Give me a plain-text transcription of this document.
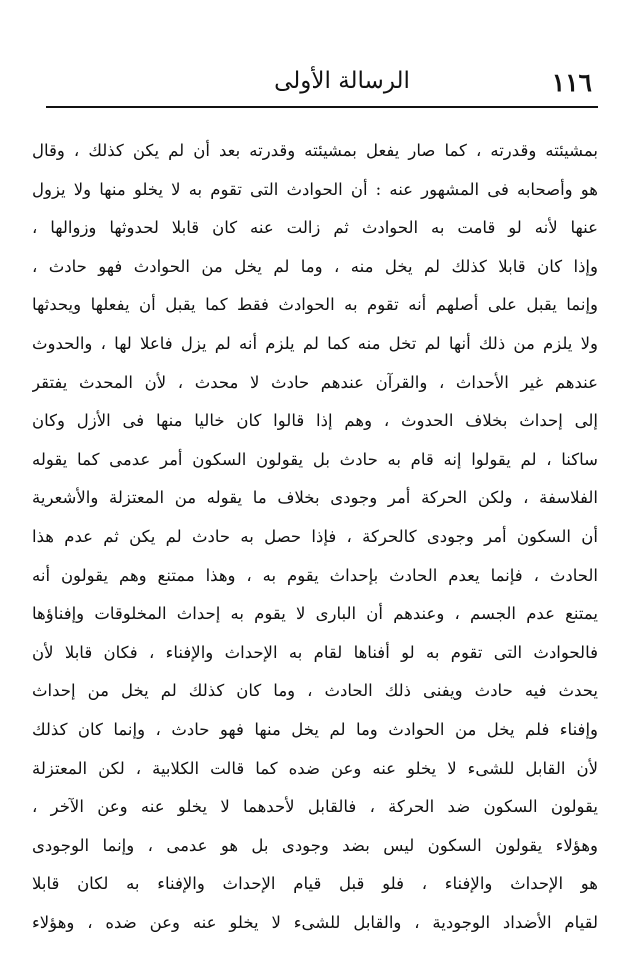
الرسالة الأولى	١١٦
بمشيئته وقدرته ، كما صار يفعل بمشيئته وقدرته بعد أن لم يكن كذلك ، وقال
هو وأصحابه فى المشهور عنه : أن الحوادث التى تقوم به لا يخلو منها ولا يزول
عنها لأنه لو قامت به الحوادث ثم زالت عنه كان قابلا لحدوثها وزوالها ،
وإذا كان قابلا كذلك لم يخل منه ، وما لم يخل من الحوادث فهو حادث ،
وإنما يقبل على أصلهم أنه تقوم به الحوادث فقط كما يقبل أن يفعلها ويحدثها
ولا يلزم من ذلك أنها لم تخل منه كما لم يلزم أنه لم يزل فاعلا لها ، والحدوث
عندهم غير الأحداث ، والقرآن عندهم حادث لا محدث ، لأن المحدث يفتقر
إلى إحداث بخلاف الحدوث ، وهم إذا قالوا كان خاليا منها فى الأزل وكان
ساكنا ، لم يقولوا إنه قام به حادث بل يقولون السكون أمر عدمى كما يقوله
الفلاسفة ، ولكن الحركة أمر وجودى بخلاف ما يقوله من المعتزلة والأشعرية
أن السكون أمر وجودى كالحركة ، فإذا حصل به حادث لم يكن ثم عدم هذا
الحادث ، فإنما يعدم الحادث بإحداث يقوم به ، وهذا ممتنع وهم يقولون أنه
يمتنع عدم الجسم ، وعندهم أن البارى لا يقوم به إحداث المخلوقات وإفناؤها
فالحوادث التى تقوم به لو أفناها لقام به الإحداث والإفناء ، فكان قابلا لأن
يحدث فيه حادث ويفنى ذلك الحادث ، وما كان كذلك لم يخل من إحداث
وإفناء فلم يخل من الحوادث وما لم يخل منها فهو حادث ، وإنما كان كذلك
لأن القابل للشىء لا يخلو عنه وعن ضده كما قالت الكلابية ، لكن المعتزلة
يقولون السكون ضد الحركة ، فالقابل لأحدهما لا يخلو عنه وعن الآخر ،
وهؤلاء يقولون السكون ليس بضد وجودى بل هو عدمى ، وإنما الوجودى
هو الإحداث والإفناء ، فلو قبل قيام الإحداث والإفناء به لكان قابلا
لقيام الأضداد الوجودية ، والقابل للشىء لا يخلو عنه وعن ضده ، وهؤلاء
